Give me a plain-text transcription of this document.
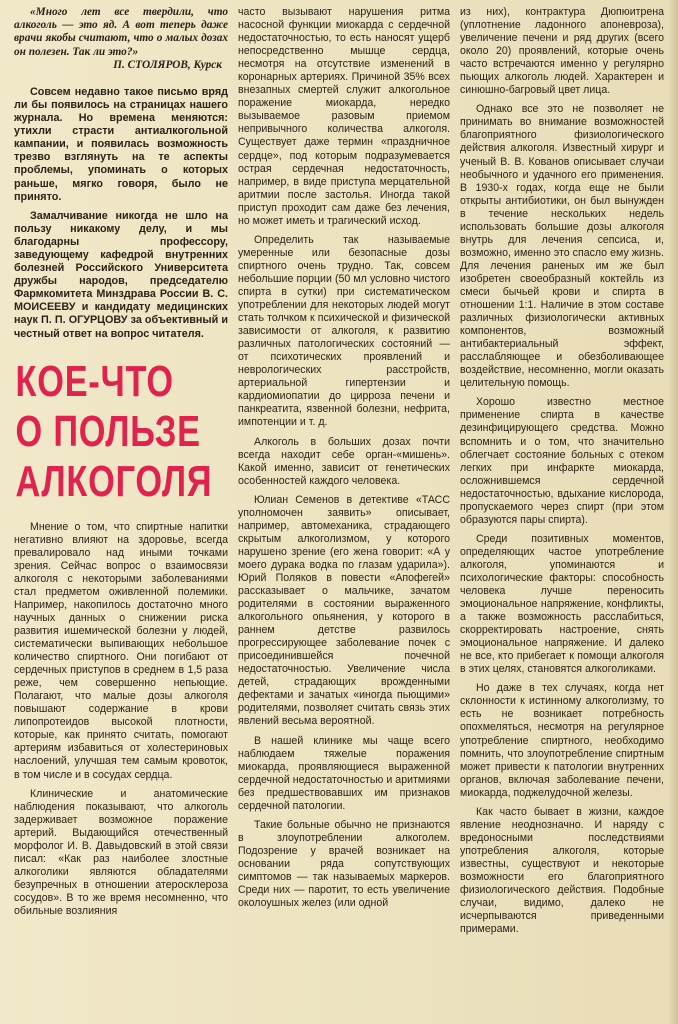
«Много лет все твердили, что алкоголь — это яд. А вот теперь даже врачи якобы считают, что о малых дозах он полезен. Так ли это?»

П. СТОЛЯРОВ, Курск

Совсем недавно такое письмо вряд ли бы появилось на страницах нашего журнала. Но времена меняются: утихли страсти антиалкогольной кампании, и появилась возможность трезво взглянуть на те аспекты проблемы, упоминать о которых раньше, мягко говоря, было не принято.

Замалчивание никогда не шло на пользу никакому делу, и мы благодарны профессору, заведующему кафедрой внутренних болезней Российского Университета дружбы народов, председателю Фармкомитета Минздрава России В. С. МОИСЕЕВУ и кандидату медицинских наук П. П. ОГУРЦОВУ за объективный и честный ответ на вопрос читателя.

КОЕ-ЧТО
О ПОЛЬЗЕ
АЛКОГОЛЯ

Мнение о том, что спиртные напитки негативно влияют на здоровье, всегда превалировало над иными точками зрения. Сейчас вопрос о взаимосвязи алкоголя с некоторыми заболеваниями стал предметом оживленной полемики. Например, накопилось достаточно много научных данных о снижении риска развития ишемической болезни у людей, систематически выпивающих небольшое количество спиртного. Они погибают от сердечных приступов в среднем в 1,5 раза реже, чем совершенно непьющие. Полагают, что малые дозы алкоголя повышают содержание в крови липопротеидов высокой плотности, которые, как принято считать, помогают артериям избавиться от холестериновых наслоений, улучшая тем самым кровоток, в том числе и в сосудах сердца.

Клинические и анатомические наблюдения показывают, что алкоголь задерживает возможное поражение артерий. Выдающийся отечественный морфолог И. В. Давыдовский в этой связи писал: «Как раз наиболее злостные алкоголики являются обладателями безупречных в отношении атеросклероза сосудов». В то же время несомненно, что обильные возлияния

часто вызывают нарушения ритма насосной функции миокарда с сердечной недостаточностью, то есть наносят ущерб непосредственно мышце сердца, несмотря на отсутствие изменений в коронарных артериях. Причиной 35% всех внезапных смертей служит алкогольное поражение миокарда, нередко вызываемое разовым приемом непривычного количества алкоголя. Существует даже термин «праздничное сердце», под которым подразумевается острая сердечная недостаточность, например, в виде приступа мерцательной аритмии после застолья. Иногда такой приступ проходит сам даже без лечения, но может иметь и трагический исход.

Определить так называемые умеренные или безопасные дозы спиртного очень трудно. Так, совсем небольшие порции (50 мл условно чистого спирта в сутки) при систематическом употреблении для некоторых людей могут стать толчком к психической и физической зависимости от алкоголя, к развитию различных патологических состояний — от психотических проявлений и неврологических расстройств, артериальной гипертензии и кардиомиопатии до цирроза печени и панкреатита, язвенной болезни, нефрита, импотенции и т. д.

Алкоголь в больших дозах почти всегда находит себе орган-«мишень». Какой именно, зависит от генетических особенностей каждого человека.

Юлиан Семенов в детективе «ТАСС уполномочен заявить» описывает, например, автомеханика, страдающего скрытым алкоголизмом, у которого нарушено зрение (его жена говорит: «А у моего дурака водка по глазам ударила»). Юрий Поляков в повести «Апофегей» рассказывает о мальчике, зачатом родителями в состоянии выраженного алкогольного опьянения, у которого в раннем детстве развилось прогрессирующее заболевание почек с присоединившейся почечной недостаточностью. Увеличение числа детей, страдающих врожденными дефектами и зачатых «иногда пьющими» родителями, позволяет считать связь этих явлений весьма вероятной.

В нашей клинике мы чаще всего наблюдаем тяжелые поражения миокарда, проявляющиеся выраженной сердечной недостаточностью и аритмиями без предшествовавших им признаков сердечной патологии.

Такие больные обычно не признаются в злоупотреблении алкоголем. Подозрение у врачей возникает на основании ряда сопутствующих симптомов — так называемых маркеров. Среди них — паротит, то есть увеличение околоушных желез (или одной

из них), контрактура Дюпюитрена (уплотнение ладонного апоневроза), увеличение печени и ряд других (всего около 20) проявлений, которые очень часто встречаются именно у регулярно пьющих алкоголь людей. Характерен и синюшно-багровый цвет лица.

Однако все это не позволяет не принимать во внимание возможностей благоприятного физиологического действия алкоголя. Известный хирург и ученый В. В. Кованов описывает случаи необычного и удачного его применения. В 1930-х годах, когда еще не были открыты антибиотики, он был вынужден в течение нескольких недель использовать большие дозы алкоголя внутрь для лечения сепсиса, и, возможно, именно это спасло ему жизнь. Для лечения раненых им же был изобретен своеобразный коктейль из смеси бычьей крови и спирта в отношении 1:1. Наличие в этом составе различных физиологически активных компонентов, возможный антибактериальный эффект, расслабляющее и обезболивающее воздействие, несомненно, могли оказать целительную помощь.

Хорошо известно местное применение спирта в качестве дезинфицирующего средства. Можно вспомнить и о том, что значительно облегчает состояние больных с отеком легких при инфаркте миокарда, осложнившемся сердечной недостаточностью, вдыхание кислорода, пропускаемого через спирт (при этом образуются пары спирта).

Среди позитивных моментов, определяющих частое употребление алкоголя, упоминаются и психологические факторы: способность человека лучше переносить эмоциональное напряжение, конфликты, а также возможность расслабиться, скорректировать настроение, снять эмоциональное напряжение. И далеко не все, кто прибегает к помощи алкоголя в этих целях, становятся алкоголиками.

Но даже в тех случаях, когда нет склонности к истинному алкоголизму, то есть не возникает потребность опохмеляться, несмотря на регулярное употребление спиртного, необходимо помнить, что злоупотребление спиртным может привести к патологии внутренних органов, включая заболевание печени, миокарда, поджелудочной железы.

Как часто бывает в жизни, каждое явление неоднозначно. И наряду с вредоносными последствиями употребления алкоголя, которые известны, существуют и некоторые возможности его благоприятного физиологического действия. Подобные случаи, видимо, далеко не исчерпываются приведенными примерами.
